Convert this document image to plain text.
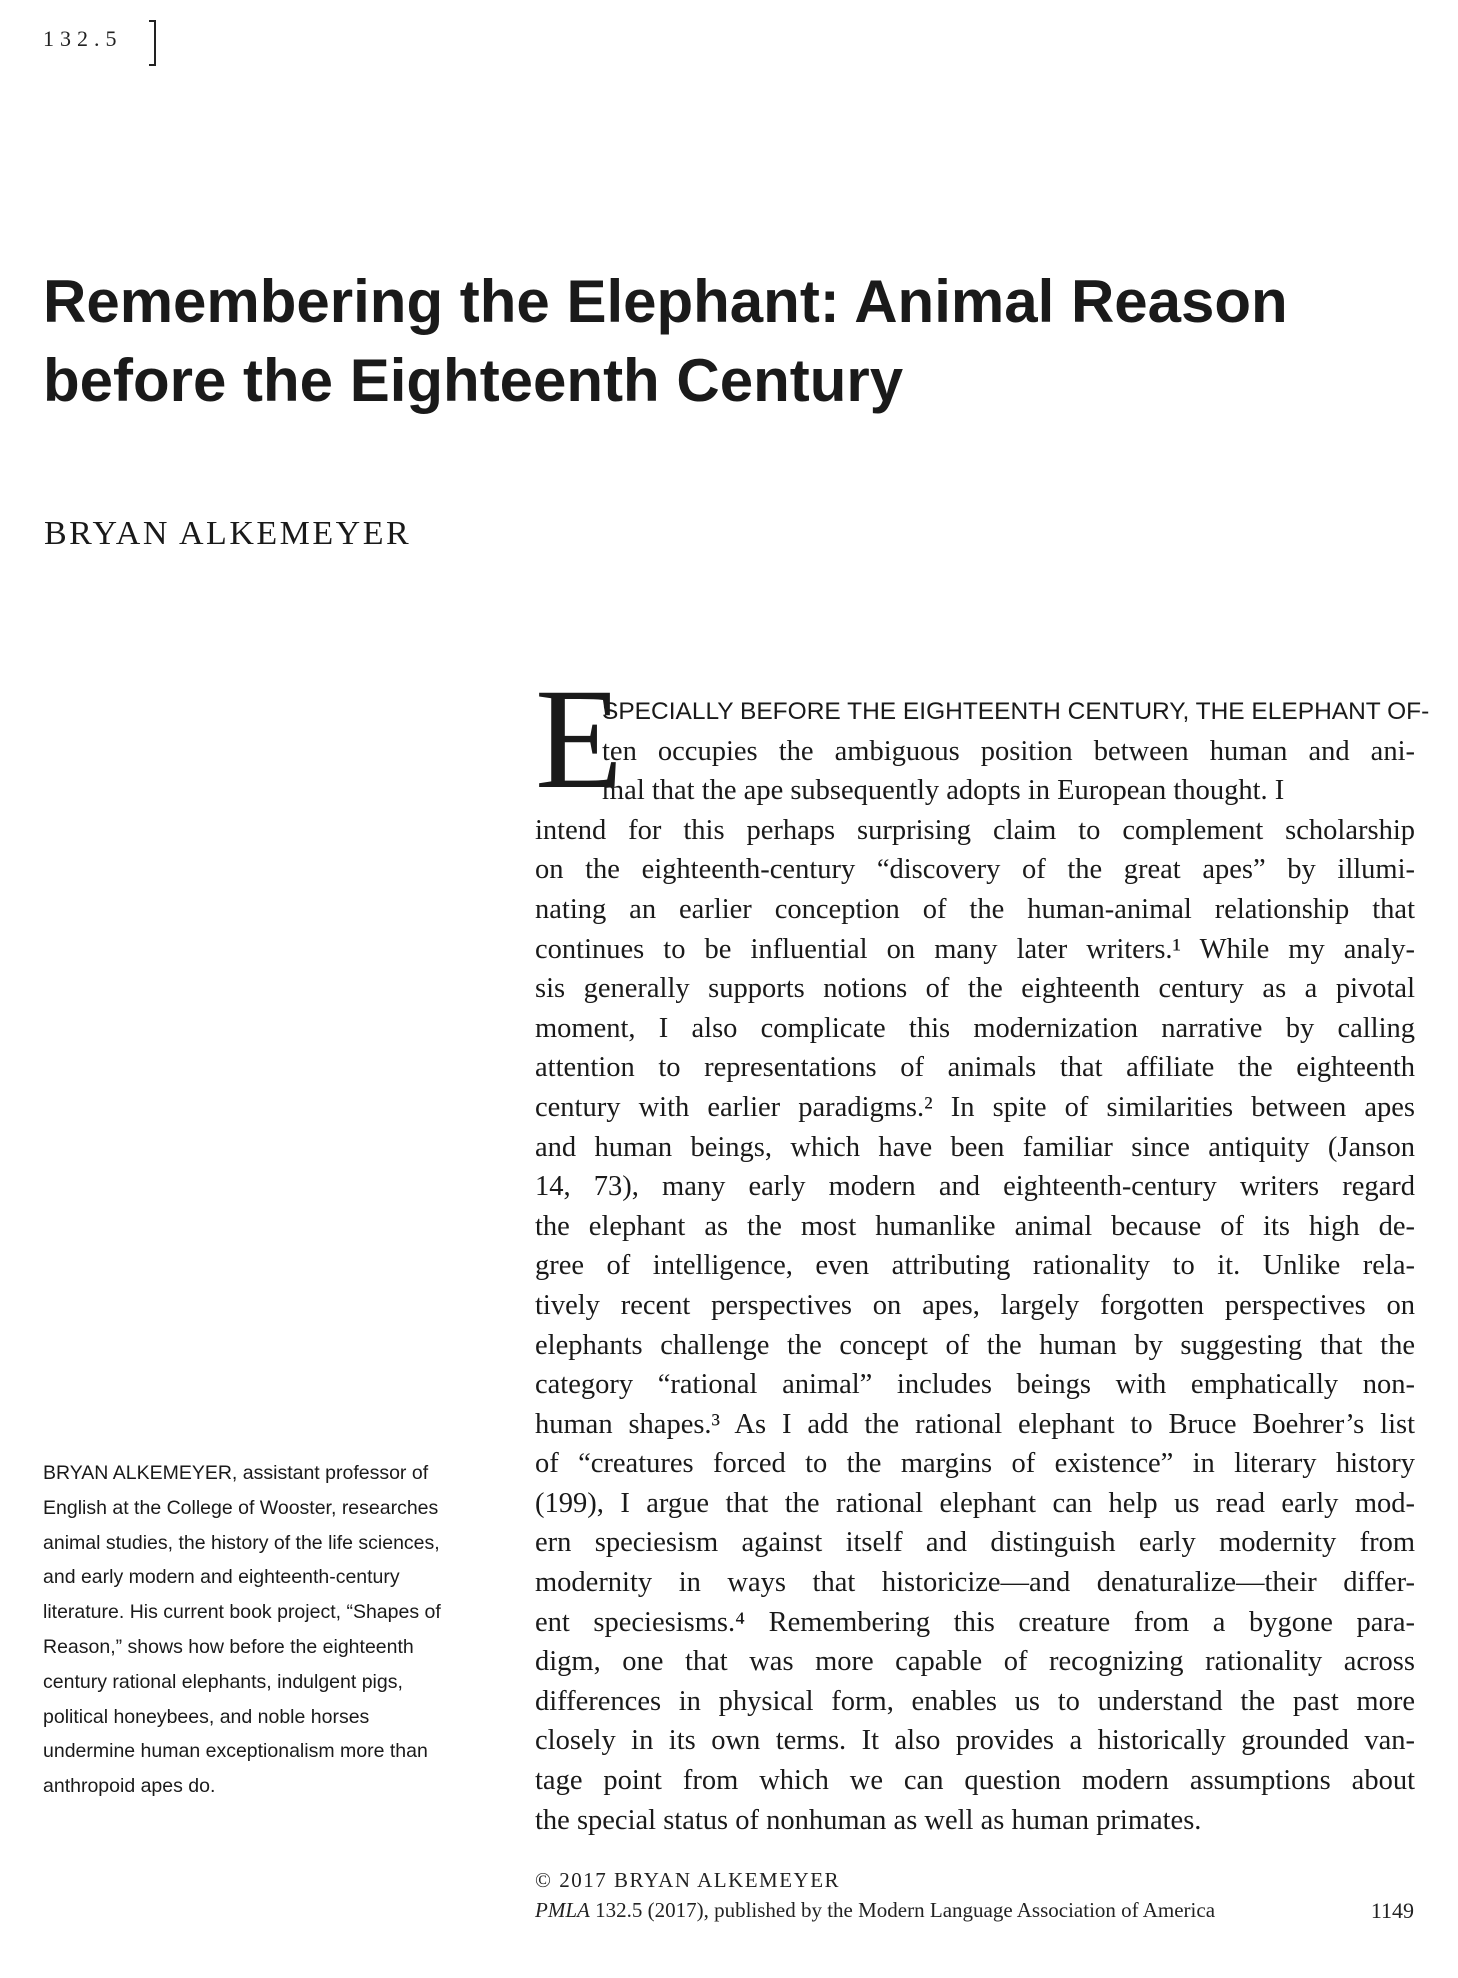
132.5
Remembering the Elephant: Animal Reason before the Eighteenth Century

BRYAN ALKEMEYER

BRYAN ALKEMEYER, assistant professor of English at the College of Wooster, researches animal studies, the history of the life sciences, and early modern and eighteenth-century literature. His current book project, “Shapes of Reason,” shows how before the eighteenth century rational elephants, indulgent pigs, political honeybees, and noble horses undermine human exceptionalism more than anthropoid apes do.

E
SPECIALLY BEFORE THE EIGHTEENTH CENTURY, THE ELEPHANT OF-
ten occupies the ambiguous position between human and ani-
mal that the ape subsequently adopts in European thought. I
intend for this perhaps surprising claim to complement scholarship
on the eighteenth-century “discovery of the great apes” by illumi-
nating an earlier conception of the human-animal relationship that
continues to be influential on many later writers.¹ While my analy-
sis generally supports notions of the eighteenth century as a pivotal
moment, I also complicate this modernization narrative by calling
attention to representations of animals that affiliate the eighteenth
century with earlier paradigms.² In spite of similarities between apes
and human beings, which have been familiar since antiquity (Janson
14, 73), many early modern and eighteenth-century writers regard
the elephant as the most humanlike animal because of its high de-
gree of intelligence, even attributing rationality to it. Unlike rela-
tively recent perspectives on apes, largely forgotten perspectives on
elephants challenge the concept of the human by suggesting that the
category “rational animal” includes beings with emphatically non-
human shapes.³ As I add the rational elephant to Bruce Boehrer’s list
of “creatures forced to the margins of existence” in literary history
(199), I argue that the rational elephant can help us read early mod-
ern speciesism against itself and distinguish early modernity from
modernity in ways that historicize—and denaturalize—their differ-
ent speciesisms.⁴ Remembering this creature from a bygone para-
digm, one that was more capable of recognizing rationality across
differences in physical form, enables us to understand the past more
closely in its own terms. It also provides a historically grounded van-
tage point from which we can question modern assumptions about
the special status of nonhuman as well as human primates.

© 2017 BRYAN ALKEMEYER

PMLA 132.5 (2017), published by the Modern Language Association of America	1149
